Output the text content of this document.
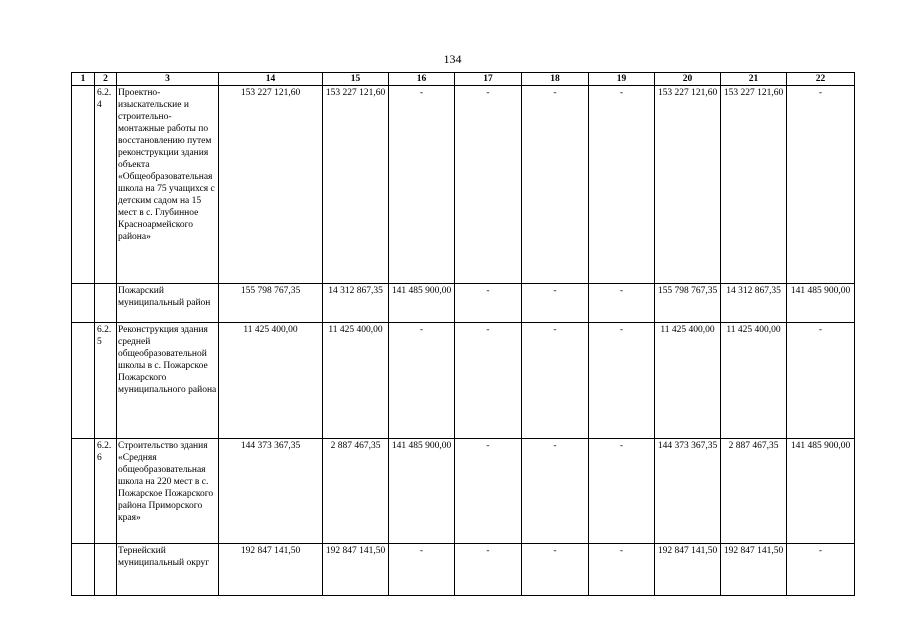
134
1	2	3	14	15	16	17	18	19	20	21	22
	6.2.4	Проектно-изыскательские и строительно-монтажные работы по восстановлению путем реконструкции здания объекта «Общеобразовательная школа на 75 учащихся с детским садом на 15 мест в с. Глубинное Красноармейского района»	153 227 121,60	153 227 121,60	-	-	-	-	153 227 121,60	153 227 121,60	-
		Пожарский муниципальный район	155 798 767,35	14 312 867,35	141 485 900,00	-	-	-	155 798 767,35	14 312 867,35	141 485 900,00
	6.2.5	Реконструкция здания средней общеобразовательной школы в с. Пожарское Пожарского муниципального района	11 425 400,00	11 425 400,00	-	-	-	-	11 425 400,00	11 425 400,00	-
	6.2.6	Строительство здания «Средняя общеобразовательная школа на 220 мест в с. Пожарское Пожарского района Приморского края»	144 373 367,35	2 887 467,35	141 485 900,00	-	-	-	144 373 367,35	2 887 467,35	141 485 900,00
		Тернейский муниципальный округ	192 847 141,50	192 847 141,50	-	-	-	-	192 847 141,50	192 847 141,50	-
